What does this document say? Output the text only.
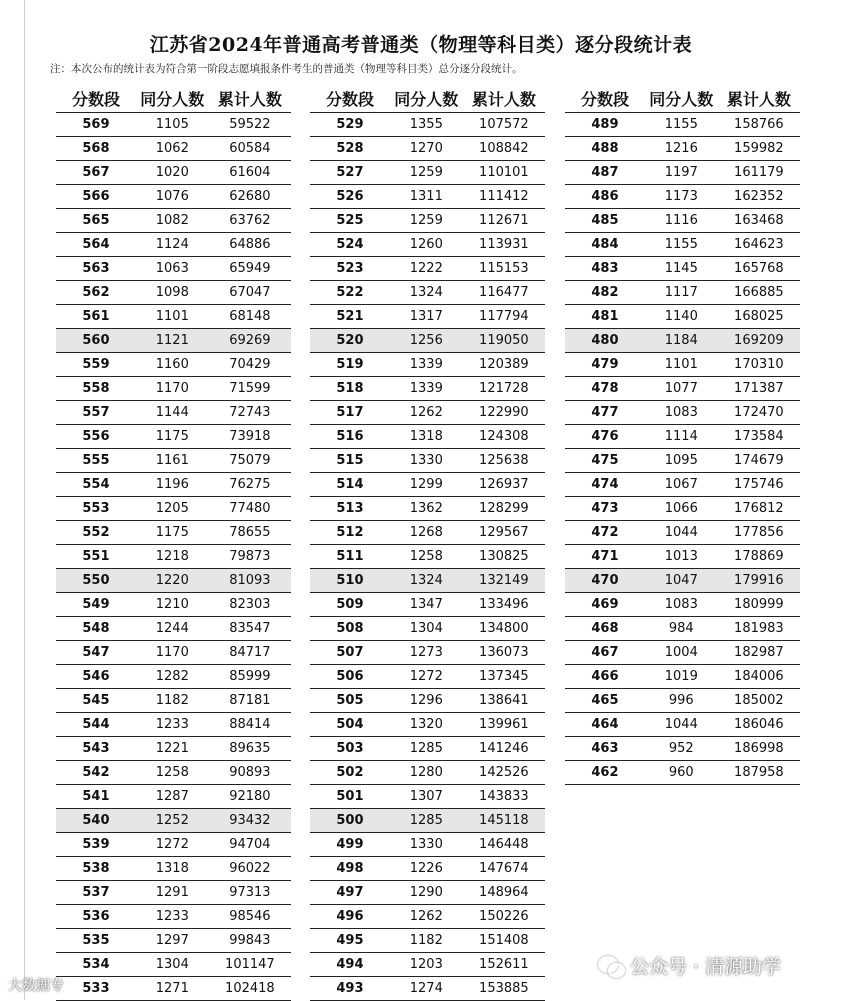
江苏省2024年普通高考普通类（物理等科目类）逐分段统计表
注：本次公布的统计表为符合第一阶段志愿填报条件考生的普通类（物理等科目类）总分逐分段统计。
分数段	同分人数	累计人数
569	1105	59522
568	1062	60584
567	1020	61604
566	1076	62680
565	1082	63762
564	1124	64886
563	1063	65949
562	1098	67047
561	1101	68148
560	1121	69269
559	1160	70429
558	1170	71599
557	1144	72743
556	1175	73918
555	1161	75079
554	1196	76275
553	1205	77480
552	1175	78655
551	1218	79873
550	1220	81093
549	1210	82303
548	1244	83547
547	1170	84717
546	1282	85999
545	1182	87181
544	1233	88414
543	1221	89635
542	1258	90893
541	1287	92180
540	1252	93432
539	1272	94704
538	1318	96022
537	1291	97313
536	1233	98546
535	1297	99843
534	1304	101147
533	1271	102418
分数段	同分人数	累计人数
529	1355	107572
528	1270	108842
527	1259	110101
526	1311	111412
525	1259	112671
524	1260	113931
523	1222	115153
522	1324	116477
521	1317	117794
520	1256	119050
519	1339	120389
518	1339	121728
517	1262	122990
516	1318	124308
515	1330	125638
514	1299	126937
513	1362	128299
512	1268	129567
511	1258	130825
510	1324	132149
509	1347	133496
508	1304	134800
507	1273	136073
506	1272	137345
505	1296	138641
504	1320	139961
503	1285	141246
502	1280	142526
501	1307	143833
500	1285	145118
499	1330	146448
498	1226	147674
497	1290	148964
496	1262	150226
495	1182	151408
494	1203	152611
493	1274	153885
分数段	同分人数	累计人数
489	1155	158766
488	1216	159982
487	1197	161179
486	1173	162352
485	1116	163468
484	1155	164623
483	1145	165768
482	1117	166885
481	1140	168025
480	1184	169209
479	1101	170310
478	1077	171387
477	1083	172470
476	1114	173584
475	1095	174679
474	1067	175746
473	1066	176812
472	1044	177856
471	1013	178869
470	1047	179916
469	1083	180999
468	984	181983
467	1004	182987
466	1019	184006
465	996	185002
464	1044	186046
463	952	186998
462	960	187958
大数据专
公众号 · 清源助学
